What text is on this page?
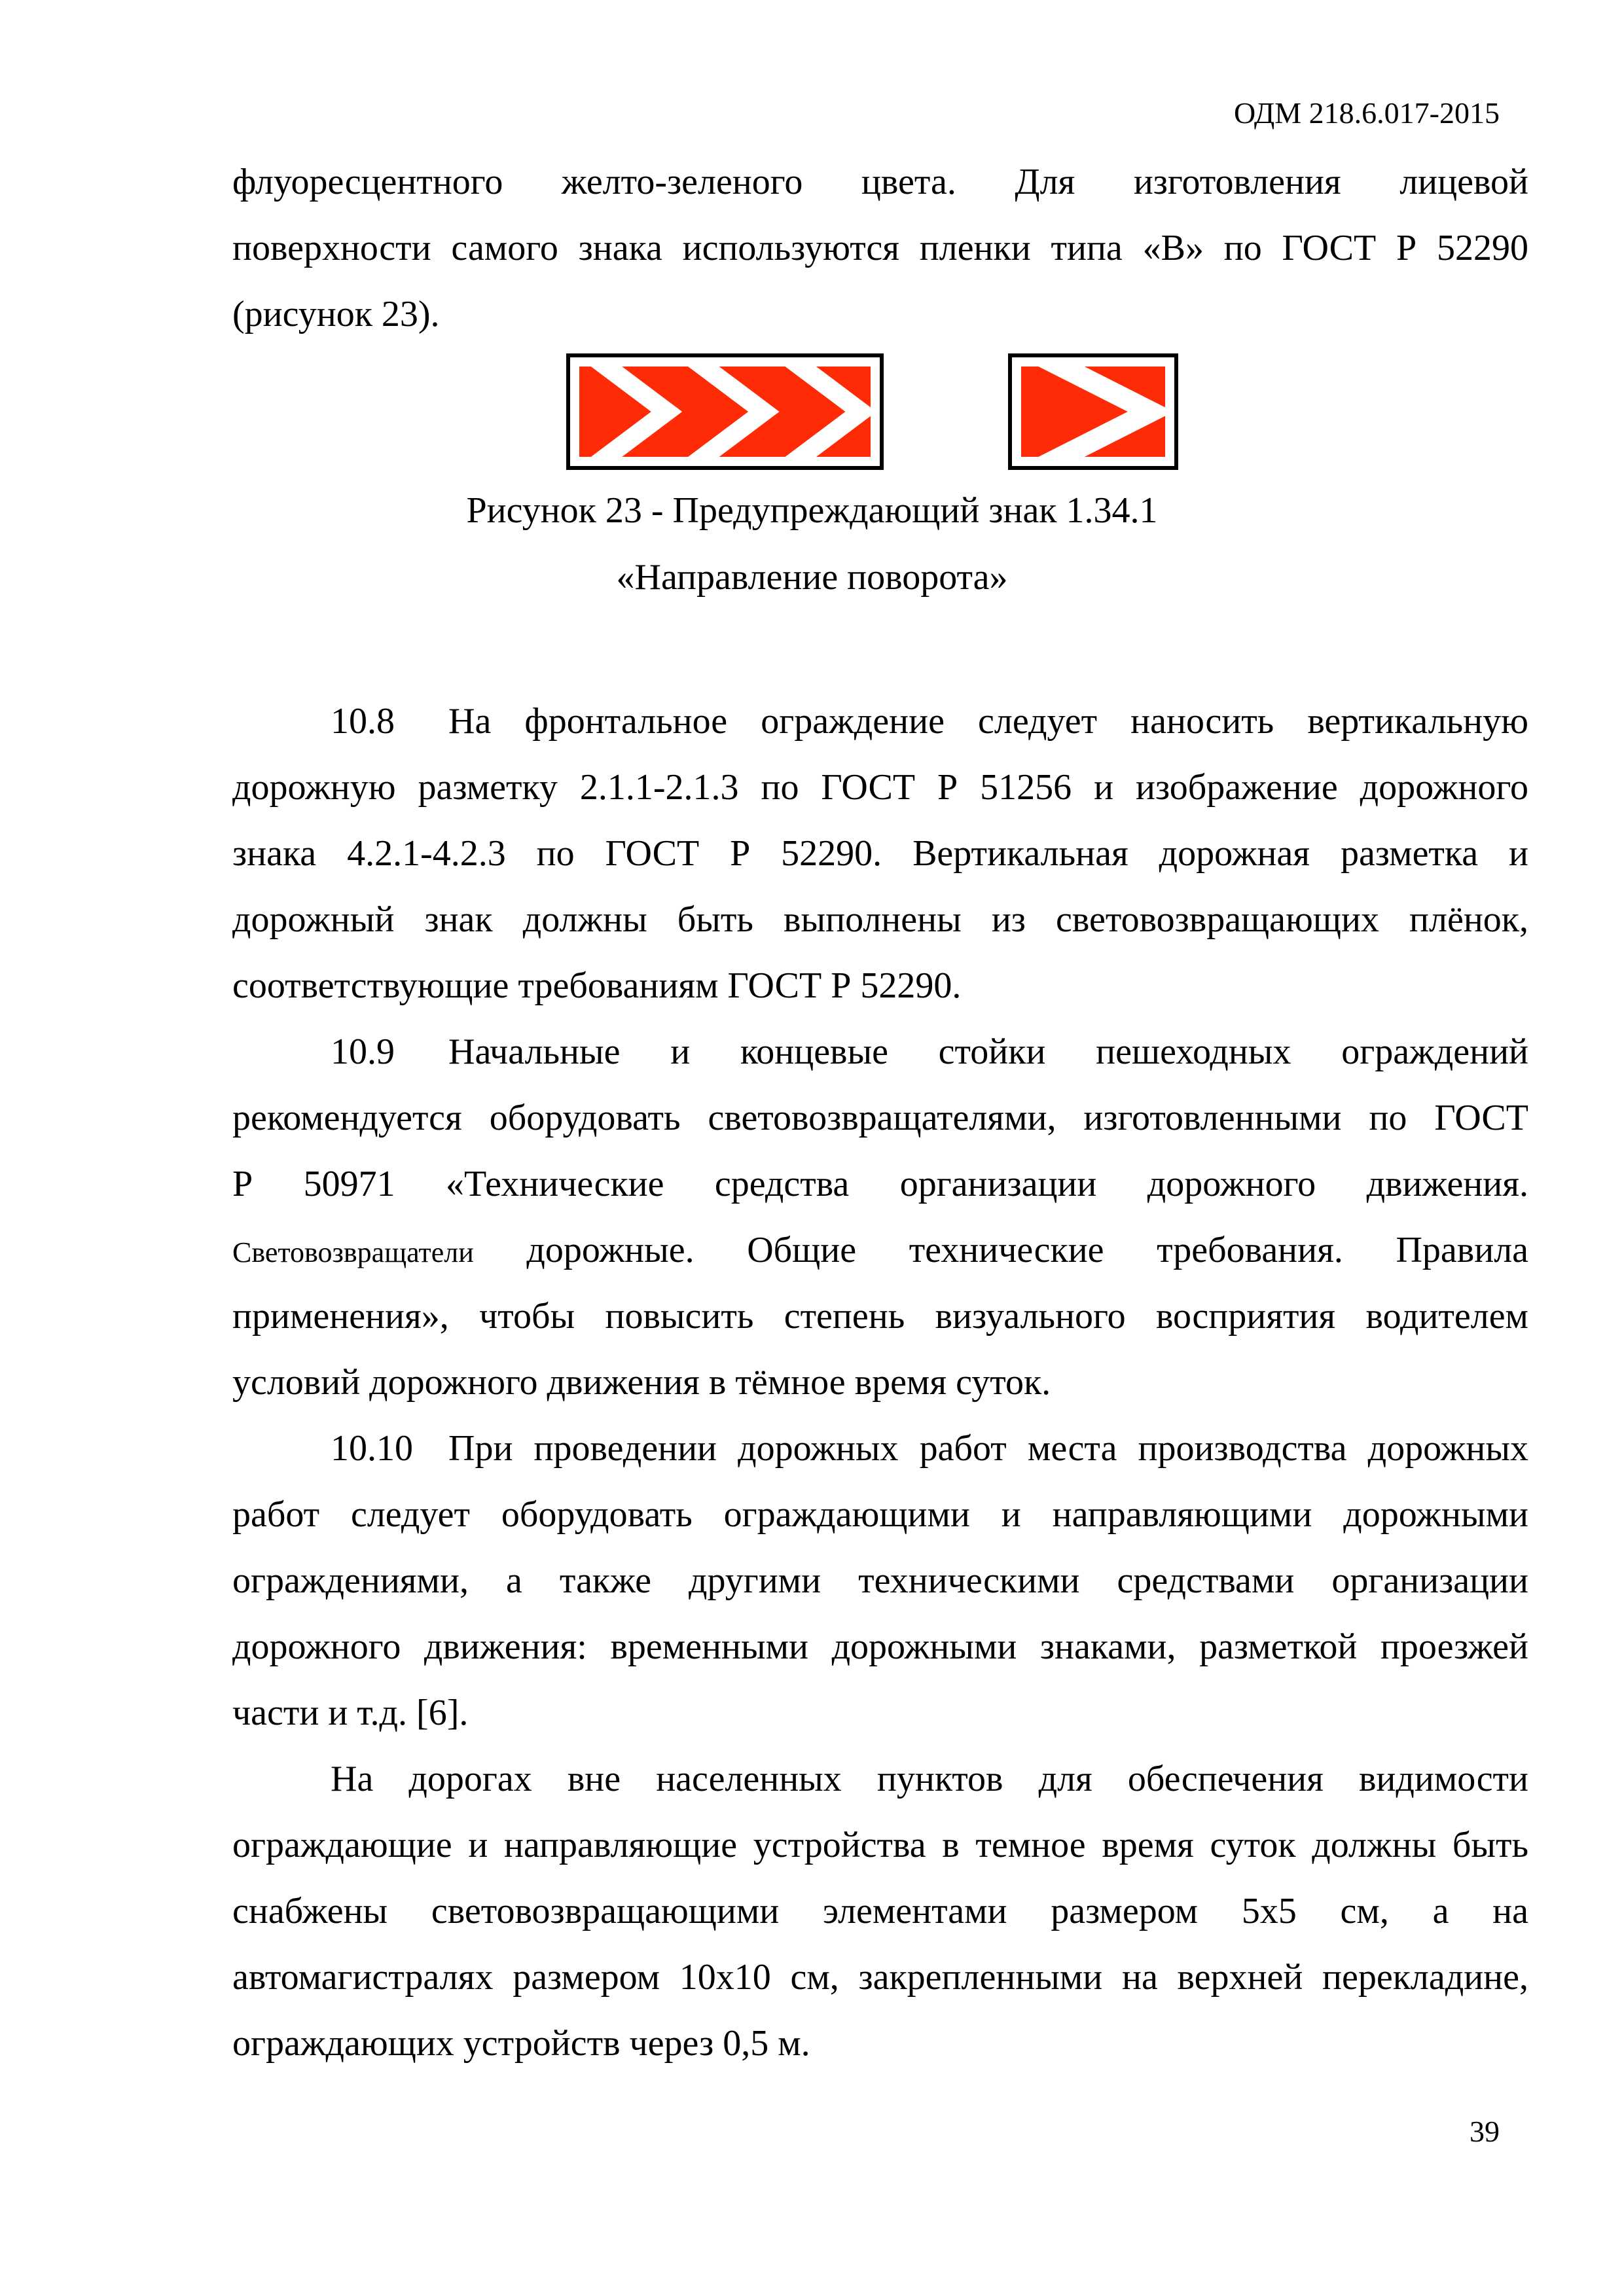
ОДМ 218.6.017-2015
флуоресцентного желто-зеленого цвета. Для изготовления лицевой
поверхности самого знака используются пленки типа «В» по ГОСТ Р 52290
(рисунок 23).
Рисунок 23 - Предупреждающий знак 1.34.1
«Направление поворота»
10.8 На фронтальное ограждение следует наносить вертикальную
дорожную разметку 2.1.1-2.1.3 по ГОСТ Р 51256 и изображение дорожного
знака 4.2.1-4.2.3 по ГОСТ Р 52290. Вертикальная дорожная разметка и
дорожный знак должны быть выполнены из световозвращающих плёнок,
соответствующие требованиям ГОСТ Р 52290.
10.9 Начальные и концевые стойки пешеходных ограждений
рекомендуется оборудовать световозвращателями, изготовленными по ГОСТ
Р 50971 «Технические средства организации дорожного движения.
Световозвращатели дорожные. Общие технические требования. Правила
применения», чтобы повысить степень визуального восприятия водителем
условий дорожного движения в тёмное время суток.
10.10 При проведении дорожных работ места производства дорожных
работ следует оборудовать ограждающими и направляющими дорожными
ограждениями, а также другими техническими средствами организации
дорожного движения: временными дорожными знаками, разметкой проезжей
части и т.д. [6].
На дорогах вне населенных пунктов для обеспечения видимости
ограждающие и направляющие устройства в темное время суток должны быть
снабжены световозвращающими элементами размером 5х5 см, а на
автомагистралях размером 10х10 см, закрепленными на верхней перекладине,
ограждающих устройств через 0,5 м.
39
